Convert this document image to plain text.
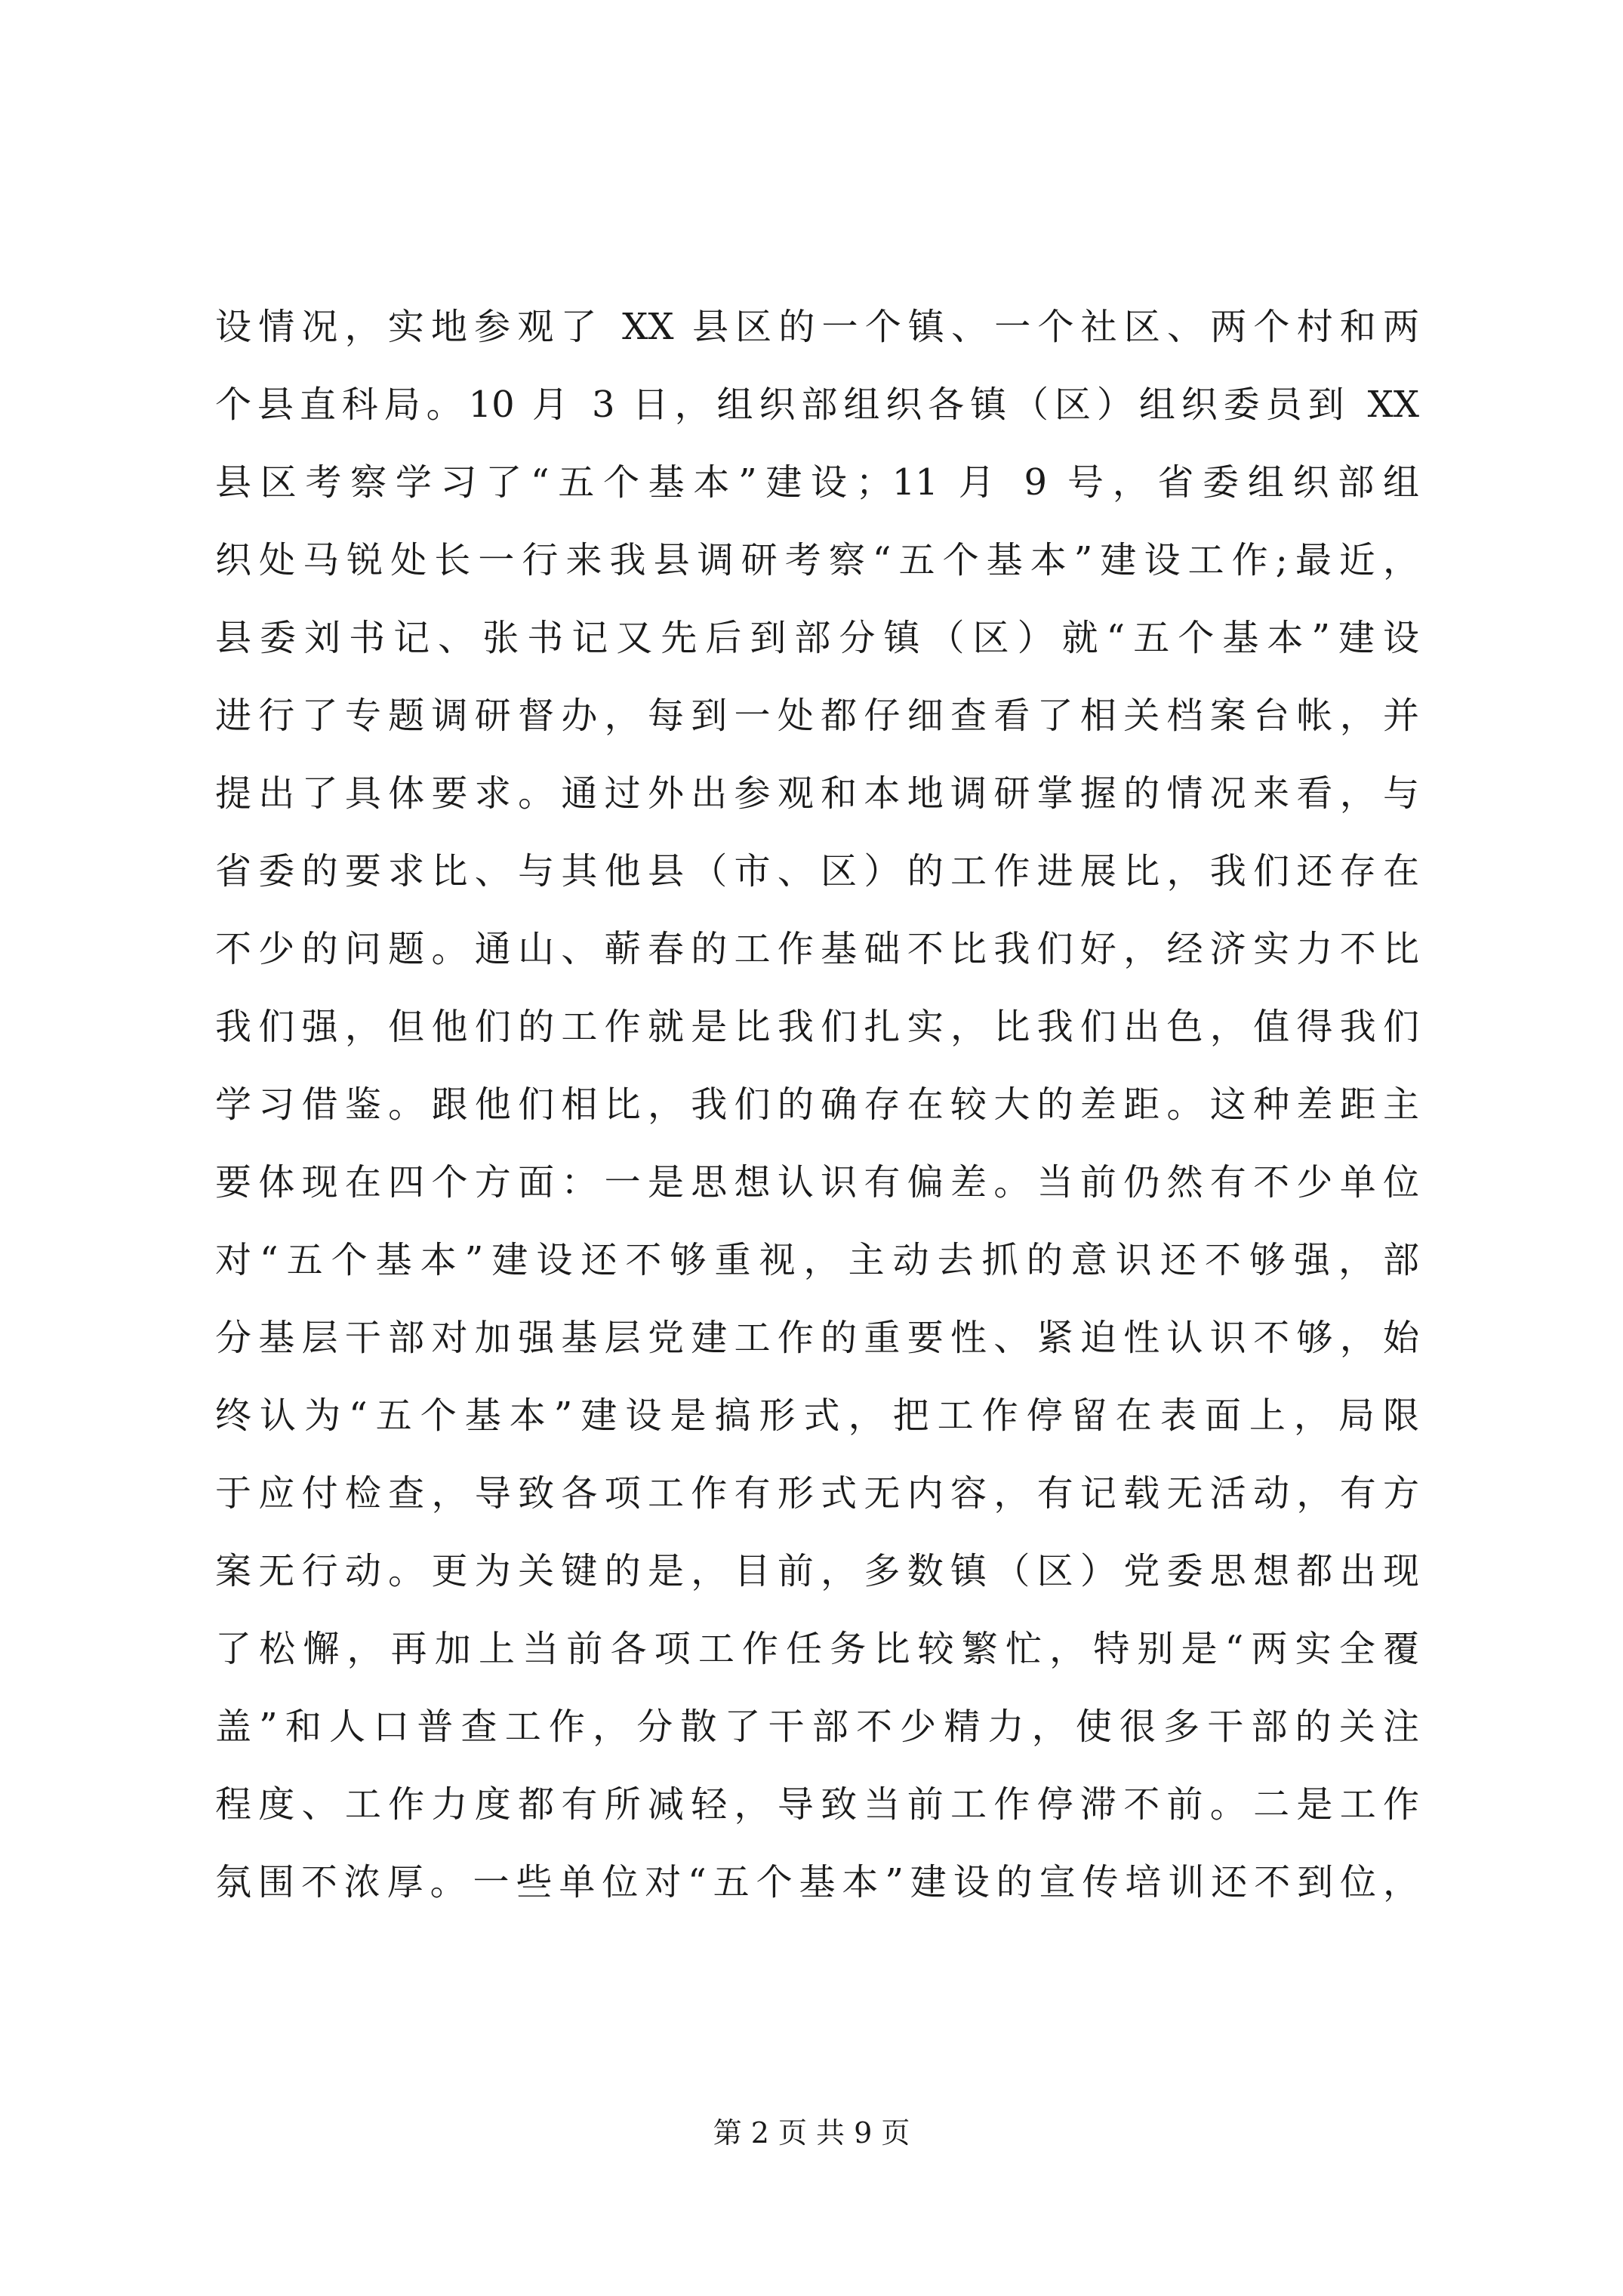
设情况，实地参观了 XX 县区的一个镇、一个社区、两个村和两
个县直科局。10 月 3 日，组织部组织各镇（区）组织委员到 XX
县区考察学习了“五个基本”建设；11 月 9 号，省委组织部组
织处马锐处长一行来我县调研考察“五个基本”建设工作;最近，
县委刘书记、张书记又先后到部分镇（区）就“五个基本”建设
进行了专题调研督办，每到一处都仔细查看了相关档案台帐，并
提出了具体要求。通过外出参观和本地调研掌握的情况来看，与
省委的要求比、与其他县（市、区）的工作进展比，我们还存在
不少的问题。通山、蕲春的工作基础不比我们好，经济实力不比
我们强，但他们的工作就是比我们扎实，比我们出色，值得我们
学习借鉴。跟他们相比，我们的确存在较大的差距。这种差距主
要体现在四个方面：一是思想认识有偏差。当前仍然有不少单位
对“五个基本”建设还不够重视，主动去抓的意识还不够强，部
分基层干部对加强基层党建工作的重要性、紧迫性认识不够，始
终认为“五个基本”建设是搞形式，把工作停留在表面上，局限
于应付检查，导致各项工作有形式无内容，有记载无活动，有方
案无行动。更为关键的是，目前，多数镇（区）党委思想都出现
了松懈，再加上当前各项工作任务比较繁忙，特别是“两实全覆
盖”和人口普查工作，分散了干部不少精力，使很多干部的关注
程度、工作力度都有所减轻，导致当前工作停滞不前。二是工作
氛围不浓厚。一些单位对“五个基本”建设的宣传培训还不到位，
第 2 页 共 9 页
